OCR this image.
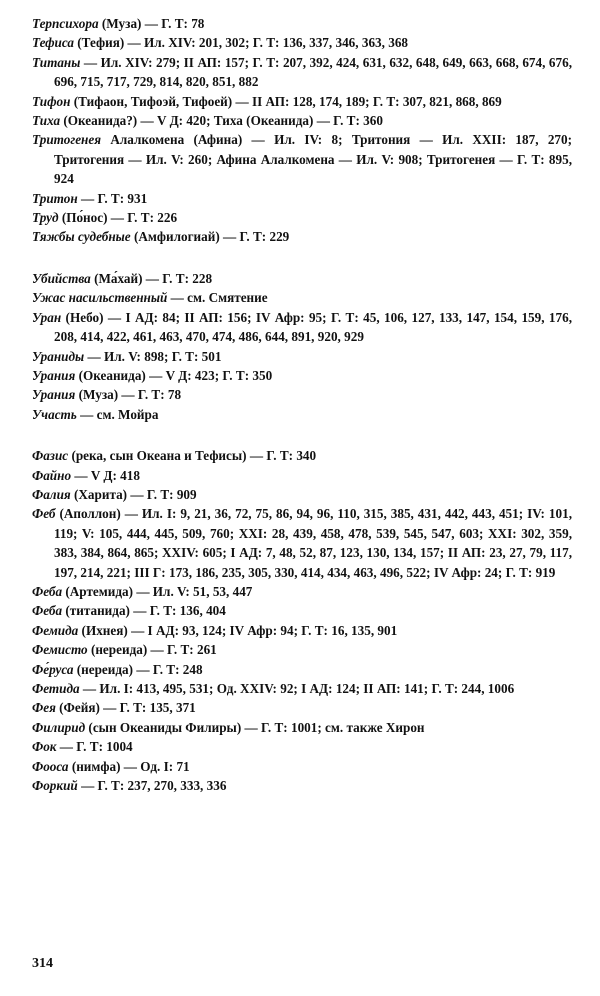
Терпсихора (Муза) — Г. Т: 78
Тефиса (Тефия) — Ил. XIV: 201, 302; Г. Т: 136, 337, 346, 363, 368
Титаны — Ил. XIV: 279; II АП: 157; Г. Т: 207, 392, 424, 631, 632, 648, 649, 663, 668, 674, 676, 696, 715, 717, 729, 814, 820, 851, 882
Тифон (Тифаон, Тифоэй, Тифоей) — II АП: 128, 174, 189; Г. Т: 307, 821, 868, 869
Тиха (Океанида?) — V Д: 420; Тиха (Океанида) — Г. Т: 360
Тритогенея Алалкомена (Афина) — Ил. IV: 8; Тритония — Ил. XXII: 187, 270; Тритогения — Ил. V: 260; Афина Алалкомена — Ил. V: 908; Тритогенея — Г. Т: 895, 924
Тритон — Г. Т: 931
Труд (По́нос) — Г. Т: 226
Тяжбы судебные (Амфилогиай) — Г. Т: 229
Убийства (Ма́хай) — Г. Т: 228
Ужас насильственный — см. Смятение
Уран (Небо) — I АД: 84; II АП: 156; IV Афр: 95; Г. Т: 45, 106, 127, 133, 147, 154, 159, 176, 208, 414, 422, 461, 463, 470, 474, 486, 644, 891, 920, 929
Ураниды — Ил. V: 898; Г. Т: 501
Урания (Океанида) — V Д: 423; Г. Т: 350
Урания (Муза) — Г. Т: 78
Участь — см. Мойра
Фазис (река, сын Океана и Тефисы) — Г. Т: 340
Файно — V Д: 418
Фалия (Харита) — Г. Т: 909
Феб (Аполлон) — Ил. I: 9, 21, 36, 72, 75, 86, 94, 96, 110, 315, 385, 431, 442, 443, 451; IV: 101, 119; V: 105, 444, 445, 509, 760; XXI: 28, 439, 458, 478, 539, 545, 547, 603; XXI: 302, 359, 383, 384, 864, 865; XXIV: 605; I АД: 7, 48, 52, 87, 123, 130, 134, 157; II АП: 23, 27, 79, 117, 197, 214, 221; III Г: 173, 186, 235, 305, 330, 414, 434, 463, 496, 522; IV Афр: 24; Г. Т: 919
Феба (Артемида) — Ил. V: 51, 53, 447
Феба (титанида) — Г. Т: 136, 404
Фемида (Ихнея) — I АД: 93, 124; IV Афр: 94; Г. Т: 16, 135, 901
Фемисто (нереида) — Г. Т: 261
Фе́руса (нереида) — Г. Т: 248
Фетида — Ил. I: 413, 495, 531; Од. XXIV: 92; I АД: 124; II АП: 141; Г. Т: 244, 1006
Фея (Фейя) — Г. Т: 135, 371
Филирид (сын Океаниды Филиры) — Г. Т: 1001; см. также Хирон
Фок — Г. Т: 1004
Фооса (нимфа) — Од. I: 71
Форкий — Г. Т: 237, 270, 333, 336
314
